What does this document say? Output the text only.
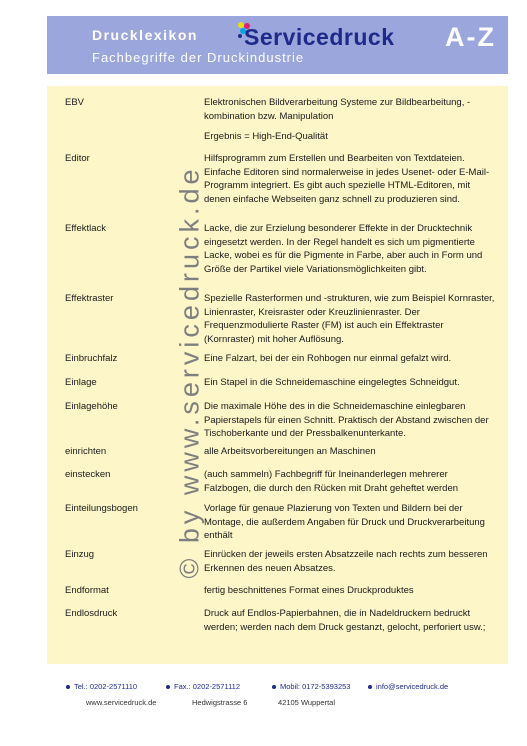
Drucklexikon
Fachbegriffe der Druckindustrie
Servicedruck A-Z
EBV	Elektronischen Bildverarbeitung Systeme zur Bildbearbeitung, -kombination bzw. Manipulation

Ergebnis = High-End-Qualität

Editor	Hilfsprogramm zum Erstellen und Bearbeiten von Textdateien. Einfache Editoren sind normalerweise in jedes Usenet- oder E-Mail-Programm integriert. Es gibt auch spezielle HTML-Editoren, mit denen einfache Webseiten ganz schnell zu produzieren sind.

Effektlack	Lacke, die zur Erzielung besonderer Effekte in der Drucktechnik eingesetzt werden. In der Regel handelt es sich um pigmentierte Lacke, wobei es für die Pigmente in Farbe, aber auch in Form und Größe der Partikel viele Variationsmöglichkeiten gibt.

Effektraster	Spezielle Rasterformen und -strukturen, wie zum Beispiel Kornraster, Linienraster, Kreisraster oder Kreuzlinienraster. Der Frequenzmodulierte Raster (FM) ist auch ein Effektraster (Kornraster) mit hoher Auflösung.

Einbruchfalz	Eine Falzart, bei der ein Rohbogen nur einmal gefalzt wird.

Einlage	Ein Stapel in die Schneidemaschine eingelegtes Schneidgut.

Einlagehöhe	Die maximale Höhe des in die Schneidemaschine einlegbaren Papierstapels für einen Schnitt. Praktisch der Abstand zwischen der Tischoberkante und der Pressbalkenunterkante.

einrichten	alle Arbeitsvorbereitungen an Maschinen

einstecken	(auch sammeln) Fachbegriff für Ineinanderlegen mehrerer Falzbogen, die durch den Rücken mit Draht geheftet werden

Einteilungsbogen	Vorlage für genaue Plazierung von Texten und Bildern bei der Montage, die außerdem Angaben für Druck und Druckverarbeitung enthält

Einzug	Einrücken der jeweils ersten Absatzzeile nach rechts zum besseren Erkennen des neuen Absatzes.

Endformat	fertig beschnittenes Format eines Druckproduktes

Endlosdruck	Druck auf Endlos-Papierbahnen, die in Nadeldruckern bedruckt werden; werden nach dem Druck gestanzt, gelocht, perforiert usw.;

© by www.servicedruck.de
Tel.: 0202-2571110	Fax.: 0202-2571112	Mobil: 0172-5393253	info@servicedruck.de
www.servicedruck.de	Hedwigstrasse 6	42105 Wuppertal
